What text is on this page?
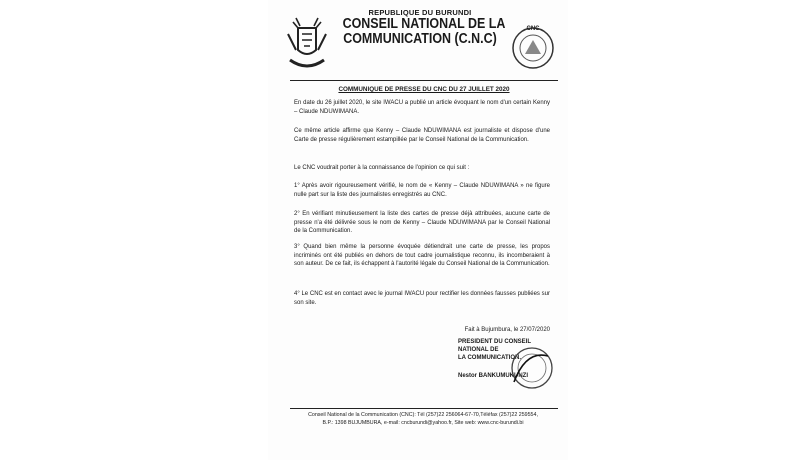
REPUBLIQUE DU BURUNDI
CONSEIL NATIONAL DE LA
COMMUNICATION (C.N.C)
CNC
COMMUNIQUE DE PRESSE DU CNC DU 27 JUILLET 2020

En date du 26 juillet 2020, le site IWACU a publié un article évoquant le nom d'un certain Kenny – Claude NDUWIMANA.

Ce même article affirme que Kenny – Claude NDUWIMANA est journaliste et dispose d'une Carte de presse régulièrement estampillée par le Conseil National de la Communication.

Le CNC voudrait porter à la connaissance de l'opinion ce qui suit :

1° Après avoir rigoureusement vérifié, le nom de « Kenny – Claude NDUWIMANA » ne figure nulle part sur la liste des journalistes enregistrés au CNC.

2° En vérifiant minutieusement la liste des cartes de presse déjà attribuées, aucune carte de presse n'a été délivrée sous le nom de Kenny – Claude NDUWIMANA par le Conseil National de la Communication.

3° Quand bien même la personne évoquée détiendrait une carte de presse, les propos incriminés ont été publiés en dehors de tout cadre journalistique reconnu, ils incomberaient à son auteur. De ce fait, ils échappent à l'autorité légale du Conseil National de la Communication.

4° Le CNC est en contact avec le journal IWACU pour rectifier les données fausses publiées sur son site.

Fait à Bujumbura, le 27/07/2020

PRESIDENT DU CONSEIL NATIONAL DE
LA COMMUNICATION.
Nestor BANKUMUKUNZI
Conseil National de la Communication (CNC): Tél (257)22 256064-67-70,Téléfax (257)22 259554,
B.P.: 1398 BUJUMBURA, e-mail: cncburundi@yahoo.fr, Site web: www.cnc-burundi.bi
